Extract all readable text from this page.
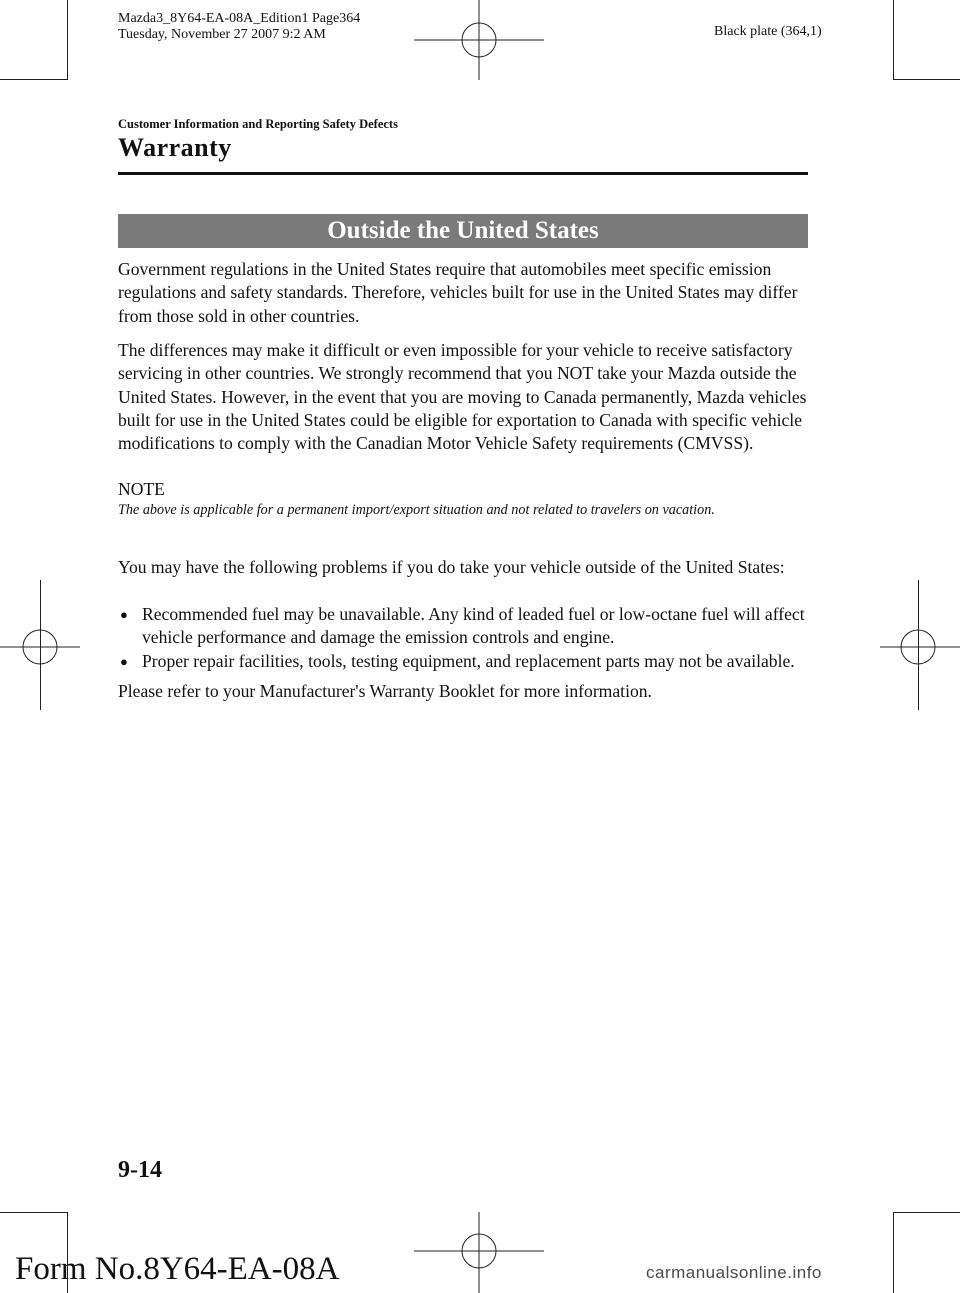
Mazda3_8Y64-EA-08A_Edition1 Page364
Tuesday, November 27 2007 9:2 AM	Black plate (364,1)
Customer Information and Reporting Safety Defects
Warranty
Outside the United States
Government regulations in the United States require that automobiles meet specific emission regulations and safety standards. Therefore, vehicles built for use in the United States may differ from those sold in other countries.
The differences may make it difficult or even impossible for your vehicle to receive satisfactory servicing in other countries. We strongly recommend that you NOT take your Mazda outside the United States. However, in the event that you are moving to Canada permanently, Mazda vehicles built for use in the United States could be eligible for exportation to Canada with specific vehicle modifications to comply with the Canadian Motor Vehicle Safety requirements (CMVSS).
NOTE
The above is applicable for a permanent import/export situation and not related to travelers on vacation.
You may have the following problems if you do take your vehicle outside of the United States:
● Recommended fuel may be unavailable. Any kind of leaded fuel or low-octane fuel will affect vehicle performance and damage the emission controls and engine.
● Proper repair facilities, tools, testing equipment, and replacement parts may not be available.
Please refer to your Manufacturer's Warranty Booklet for more information.
9-14
Form No.8Y64-EA-08A	carmanualsonline.info
